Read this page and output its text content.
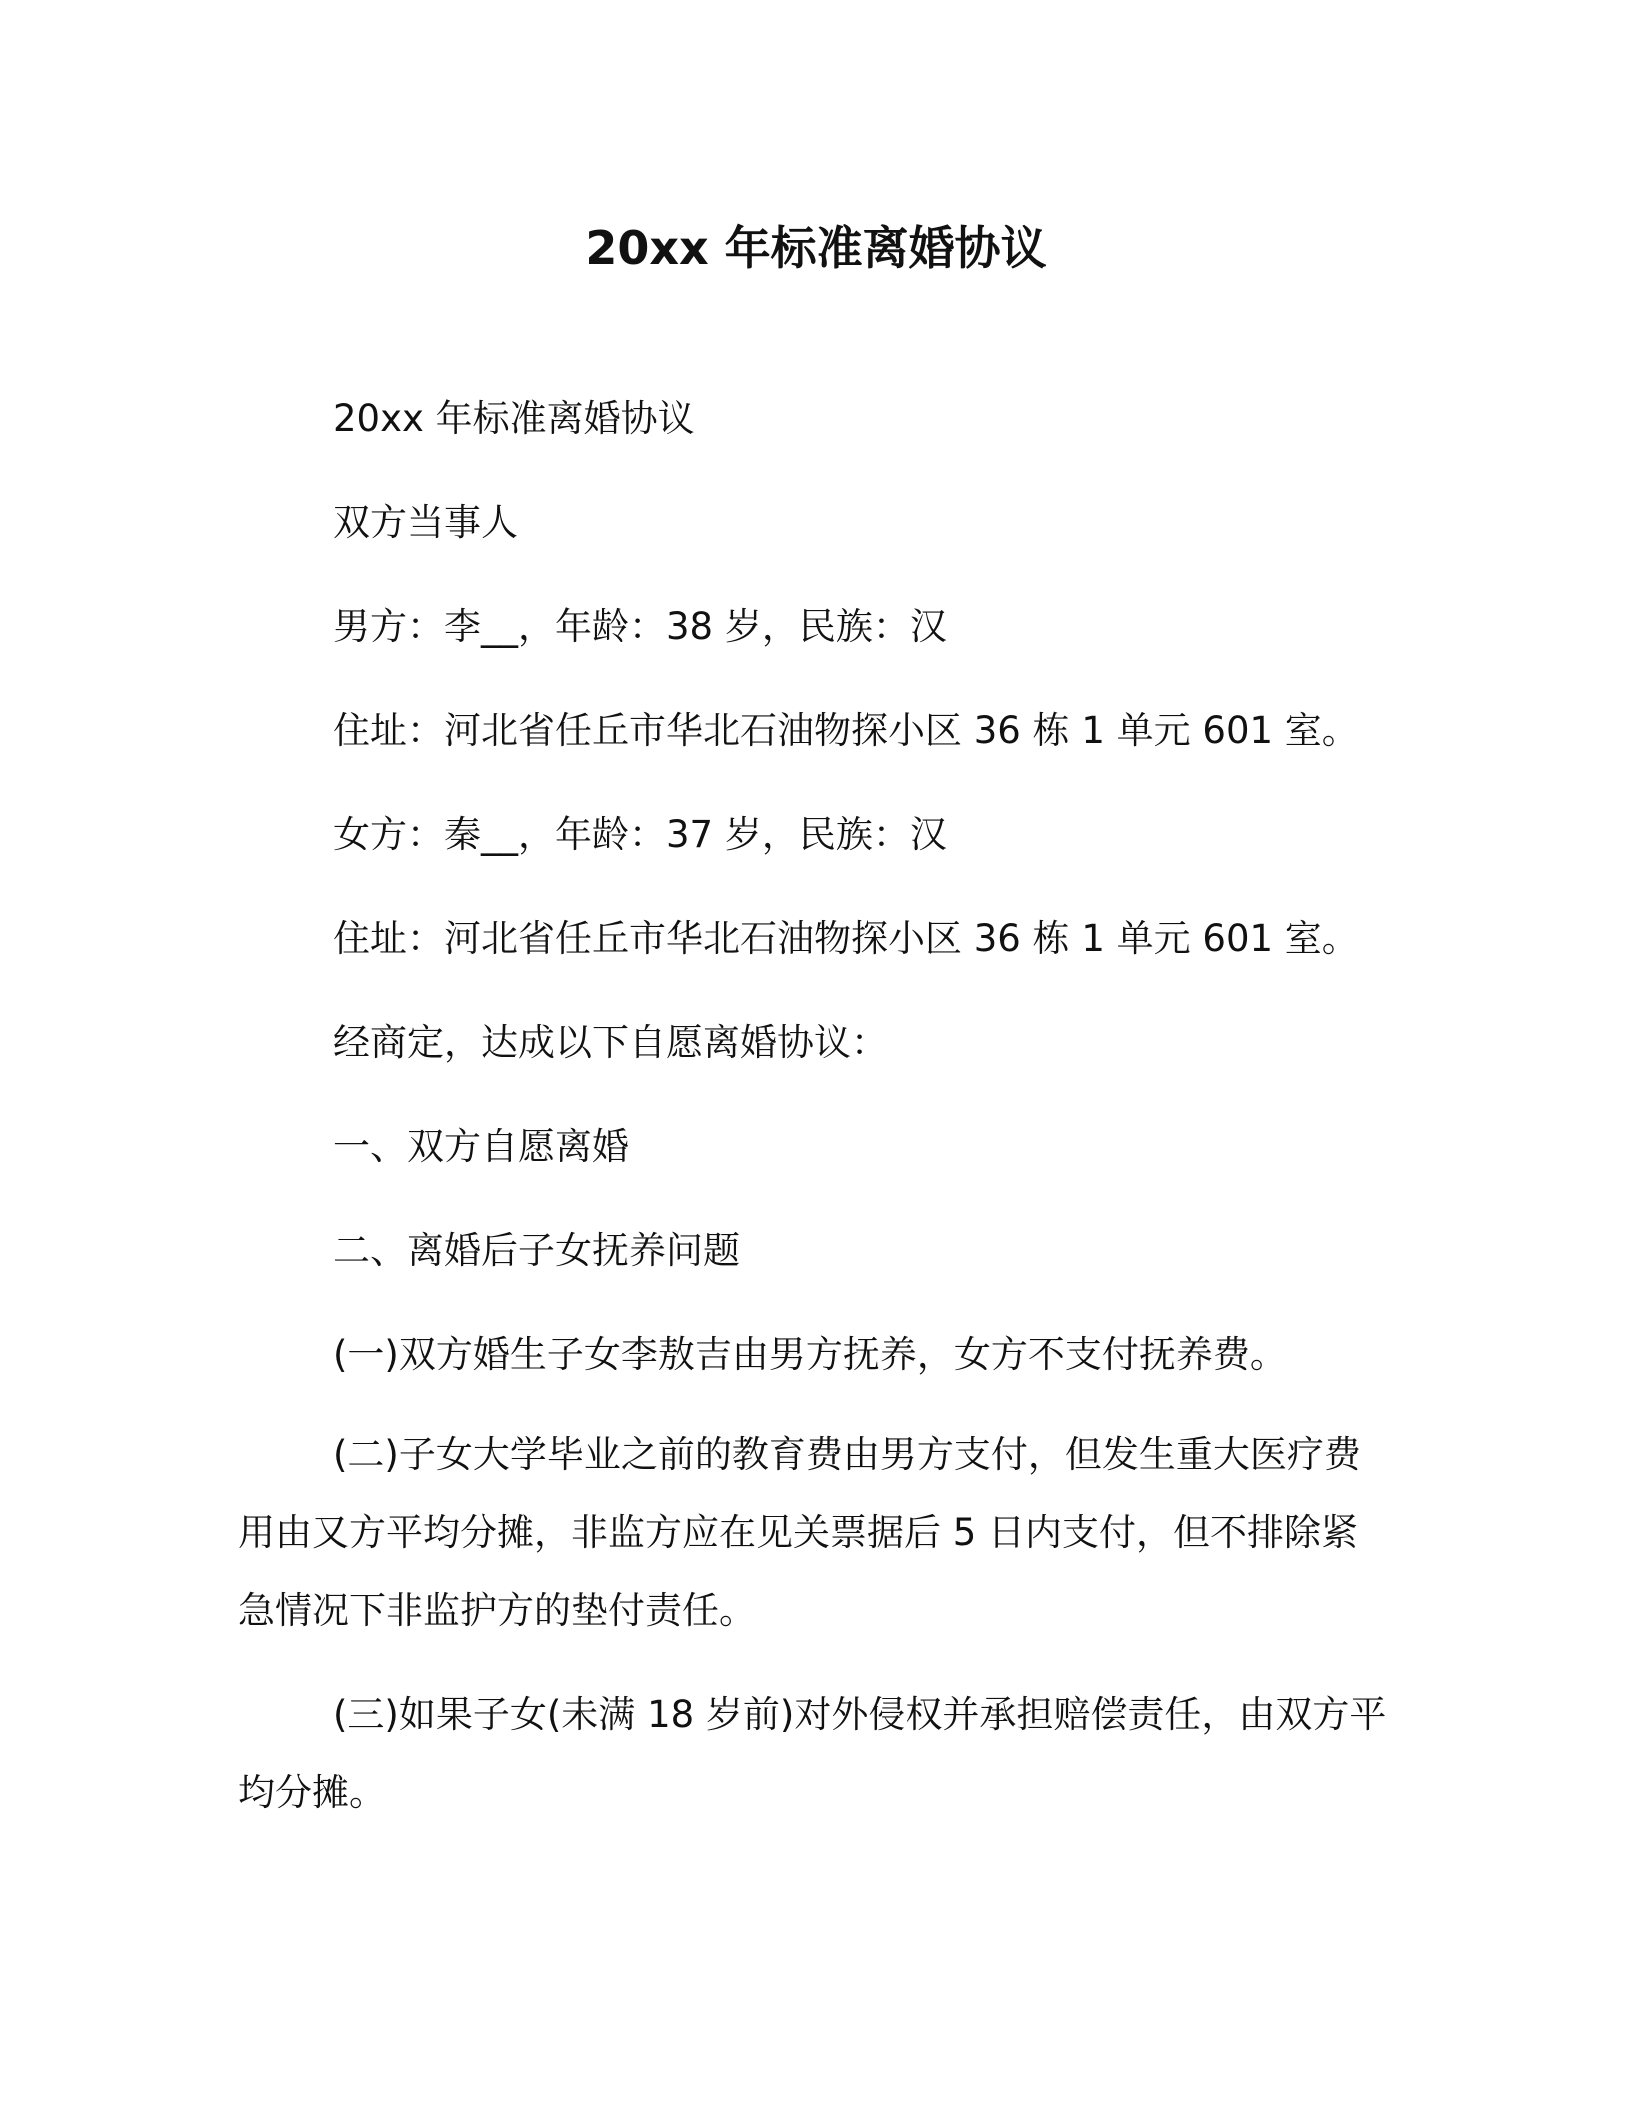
20xx 年标准离婚协议
20xx 年标准离婚协议
双方当事人
男方：李__，年龄：38 岁，民族：汉
住址：河北省任丘市华北石油物探小区 36 栋 1 单元 601 室。
女方：秦__，年龄：37 岁，民族：汉
住址：河北省任丘市华北石油物探小区 36 栋 1 单元 601 室。
经商定，达成以下自愿离婚协议：
一、双方自愿离婚
二、离婚后子女抚养问题
(一)双方婚生子女李敖吉由男方抚养，女方不支付抚养费。

(二)子女大学毕业之前的教育费由男方支付，但发生重大医疗费用由又方平均分摊，非监方应在见关票据后 5 日内支付，但不排除紧急情况下非监护方的垫付责任。

(三)如果子女(未满 18 岁前)对外侵权并承担赔偿责任，由双方平均分摊。
